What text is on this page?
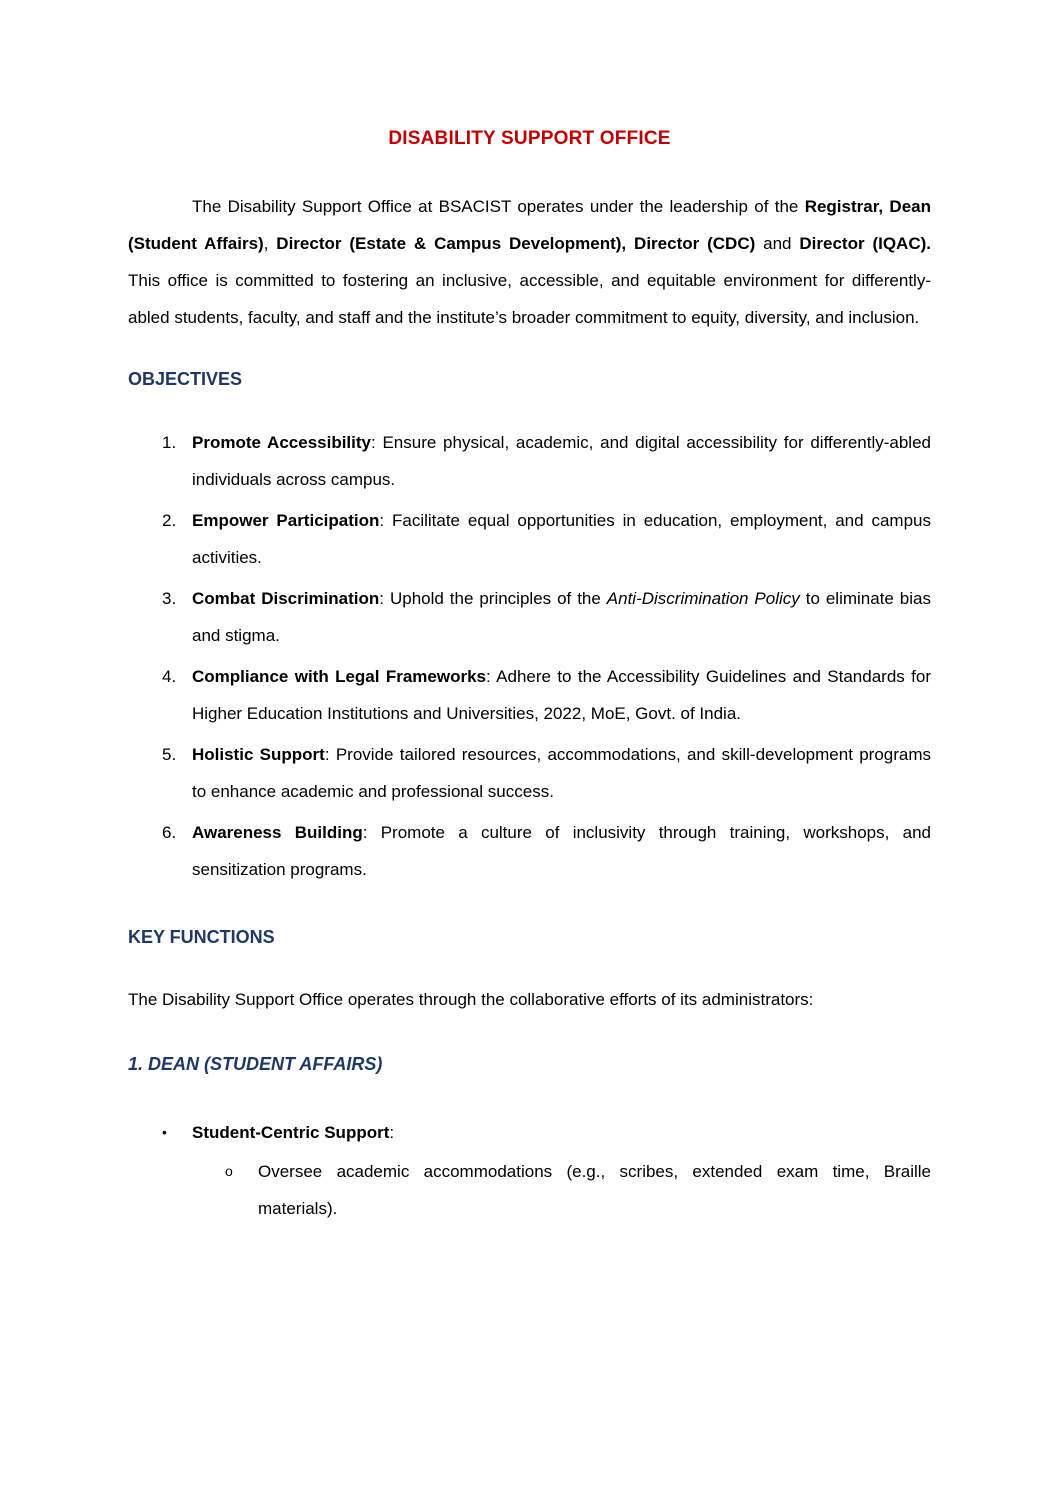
DISABILITY SUPPORT OFFICE

The Disability Support Office at BSACIST operates under the leadership of the Registrar, Dean (Student Affairs), Director (Estate & Campus Development), Director (CDC) and Director (IQAC). This office is committed to fostering an inclusive, accessible, and equitable environment for differently-abled students, faculty, and staff and the institute’s broader commitment to equity, diversity, and inclusion.

OBJECTIVES
1. Promote Accessibility: Ensure physical, academic, and digital accessibility for differently-abled individuals across campus.
2. Empower Participation: Facilitate equal opportunities in education, employment, and campus activities.
3. Combat Discrimination: Uphold the principles of the Anti-Discrimination Policy to eliminate bias and stigma.
4. Compliance with Legal Frameworks: Adhere to the Accessibility Guidelines and Standards for Higher Education Institutions and Universities, 2022, MoE, Govt. of India.
5. Holistic Support: Provide tailored resources, accommodations, and skill-development programs to enhance academic and professional success.
6. Awareness Building: Promote a culture of inclusivity through training, workshops, and sensitization programs.
KEY FUNCTIONS

The Disability Support Office operates through the collaborative efforts of its administrators:

1. DEAN (STUDENT AFFAIRS)
•	Student-Centric Support:
o	Oversee academic accommodations (e.g., scribes, extended exam time, Braille materials).
